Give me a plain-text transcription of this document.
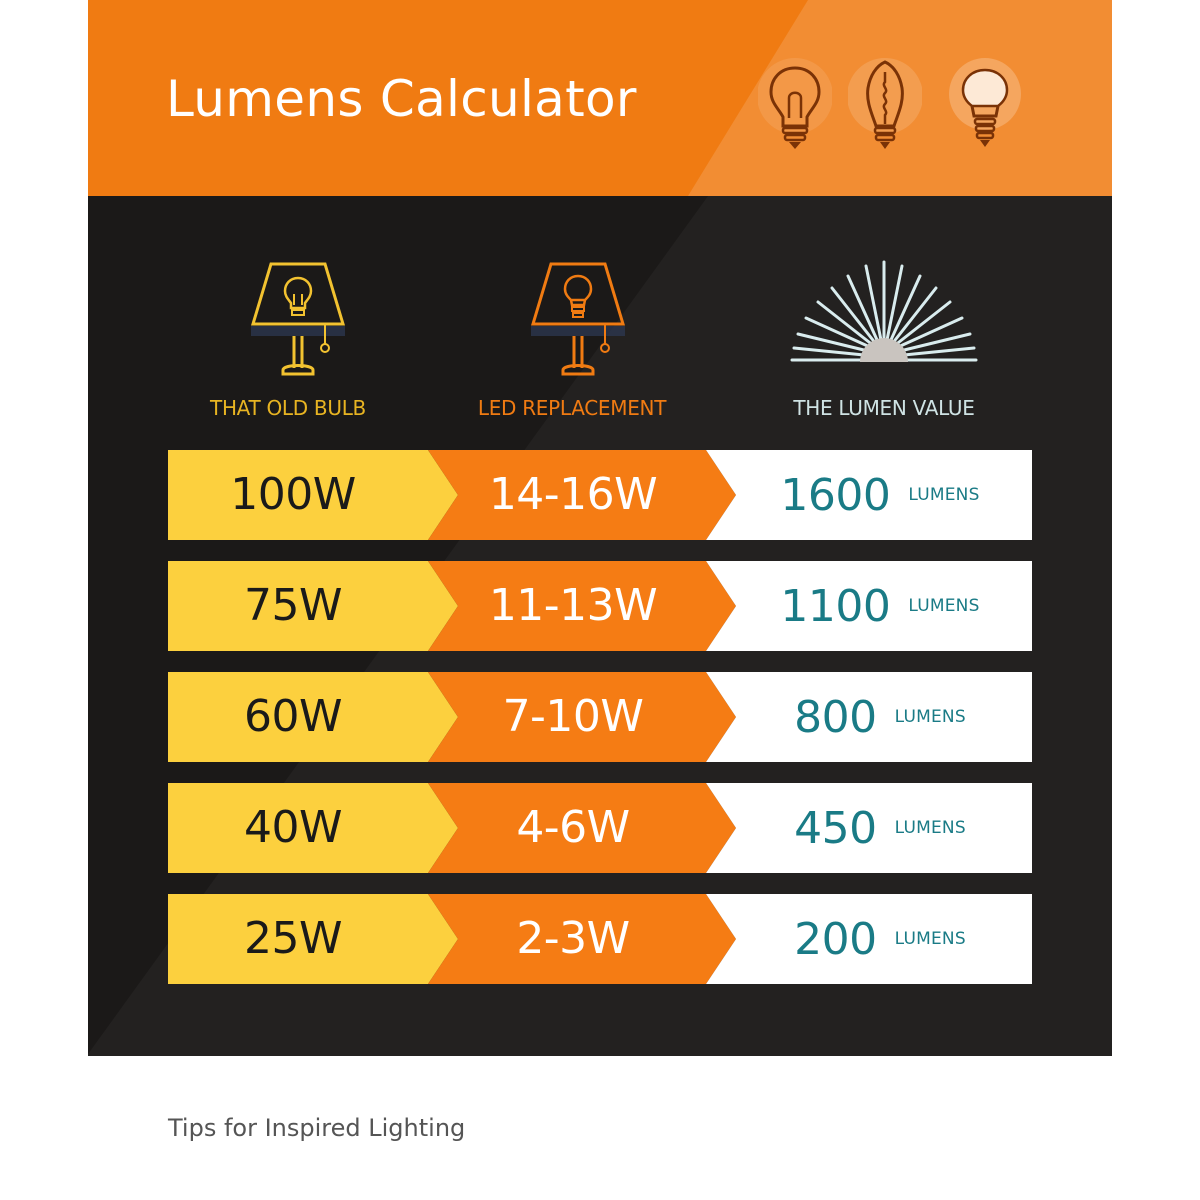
Lumens Calculator
THAT OLD BULB	LED REPLACEMENT	THE LUMEN VALUE
100W	14-16W	1600 LUMENS
75W	11-13W	1100 LUMENS
60W	7-10W	800 LUMENS
40W	4-6W	450 LUMENS
25W	2-3W	200 LUMENS

Tips for Inspired Lighting
